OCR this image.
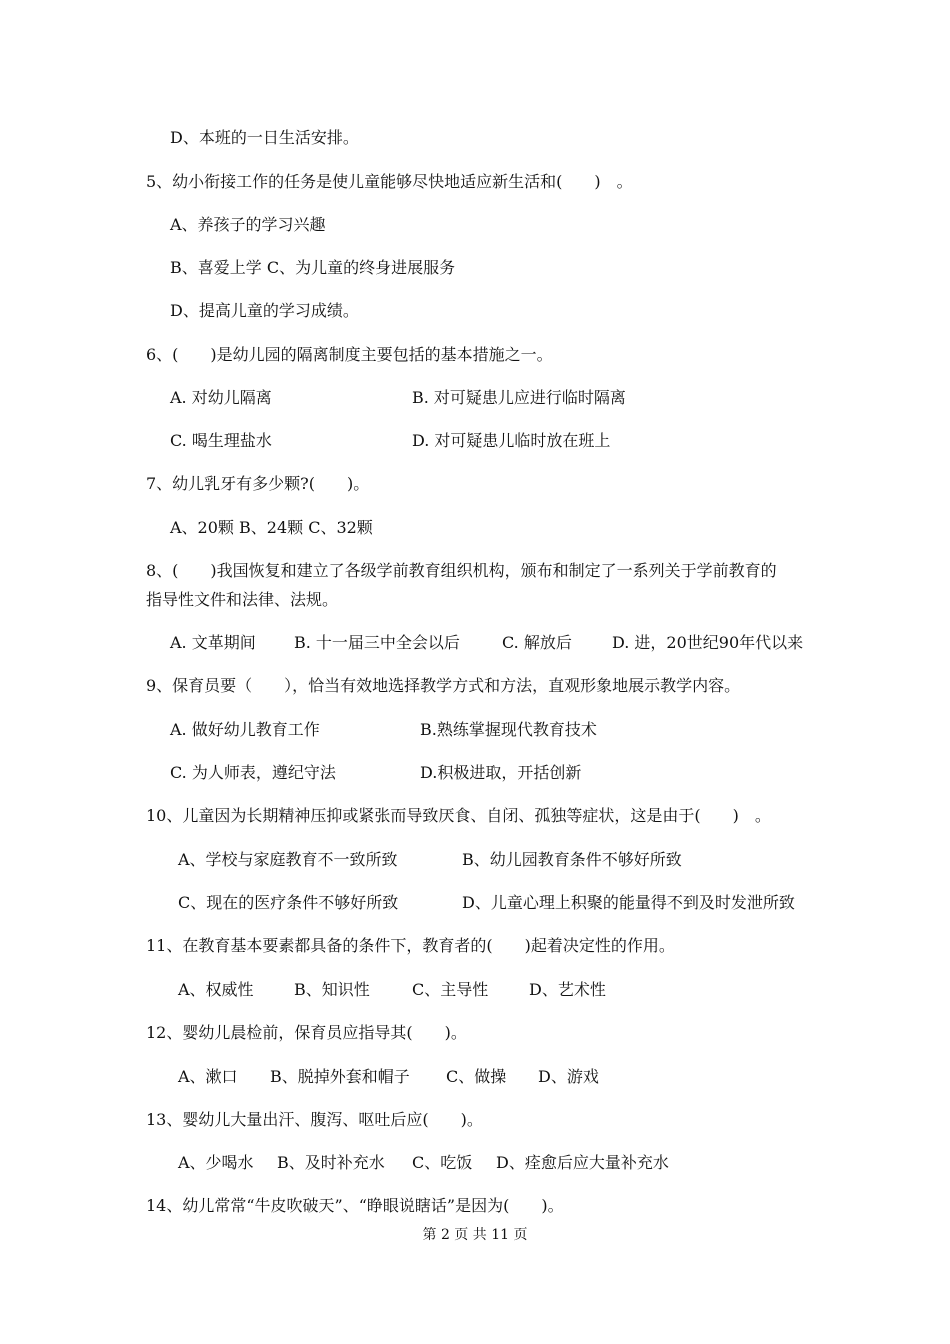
D、本班的一日生活安排。
5、幼小衔接工作的任务是使儿童能够尽快地适应新生活和(　　)　。
A、养孩子的学习兴趣
B、喜爱上学 C、为儿童的终身进展服务
D、提高儿童的学习成绩。
6、(　　)是幼儿园的隔离制度主要包括的基本措施之一。
A. 对幼儿隔离	B. 对可疑患儿应进行临时隔离
C. 喝生理盐水	D. 对可疑患儿临时放在班上
7、幼儿乳牙有多少颗?(　　)。
A、20颗 B、24颗 C、32颗
8、(　　)我国恢复和建立了各级学前教育组织机构，颁布和制定了一系列关于学前教育的
指导性文件和法律、法规。
A. 文革期间 B. 十一届三中全会以后	C. 解放后	D. 进，20世纪90年代以来
9、保育员要（　　），恰当有效地选择教学方式和方法，直观形象地展示教学内容。
A. 做好幼儿教育工作	B.熟练掌握现代教育技术
C. 为人师表，遵纪守法	D.积极进取，开括创新
10、儿童因为长期精神压抑或紧张而导致厌食、自闭、孤独等症状，这是由于(　　)　。
A、学校与家庭教育不一致所致	B、幼儿园教育条件不够好所致
C、现在的医疗条件不够好所致	D、儿童心理上积聚的能量得不到及时发泄所致
11、在教育基本要素都具备的条件下，教育者的(　　)起着决定性的作用。
A、权威性	B、知识性	C、主导性	D、艺术性
12、婴幼儿晨检前，保育员应指导其(　　)。
A、漱口 B、脱掉外套和帽子 C、做操 D、游戏
13、婴幼儿大量出汗、腹泻、呕吐后应(　　)。
A、少喝水 B、及时补充水 C、吃饭 D、痊愈后应大量补充水
14、幼儿常常“牛皮吹破天”、“睁眼说瞎话”是因为(　　)。
第 2 页 共 11 页
